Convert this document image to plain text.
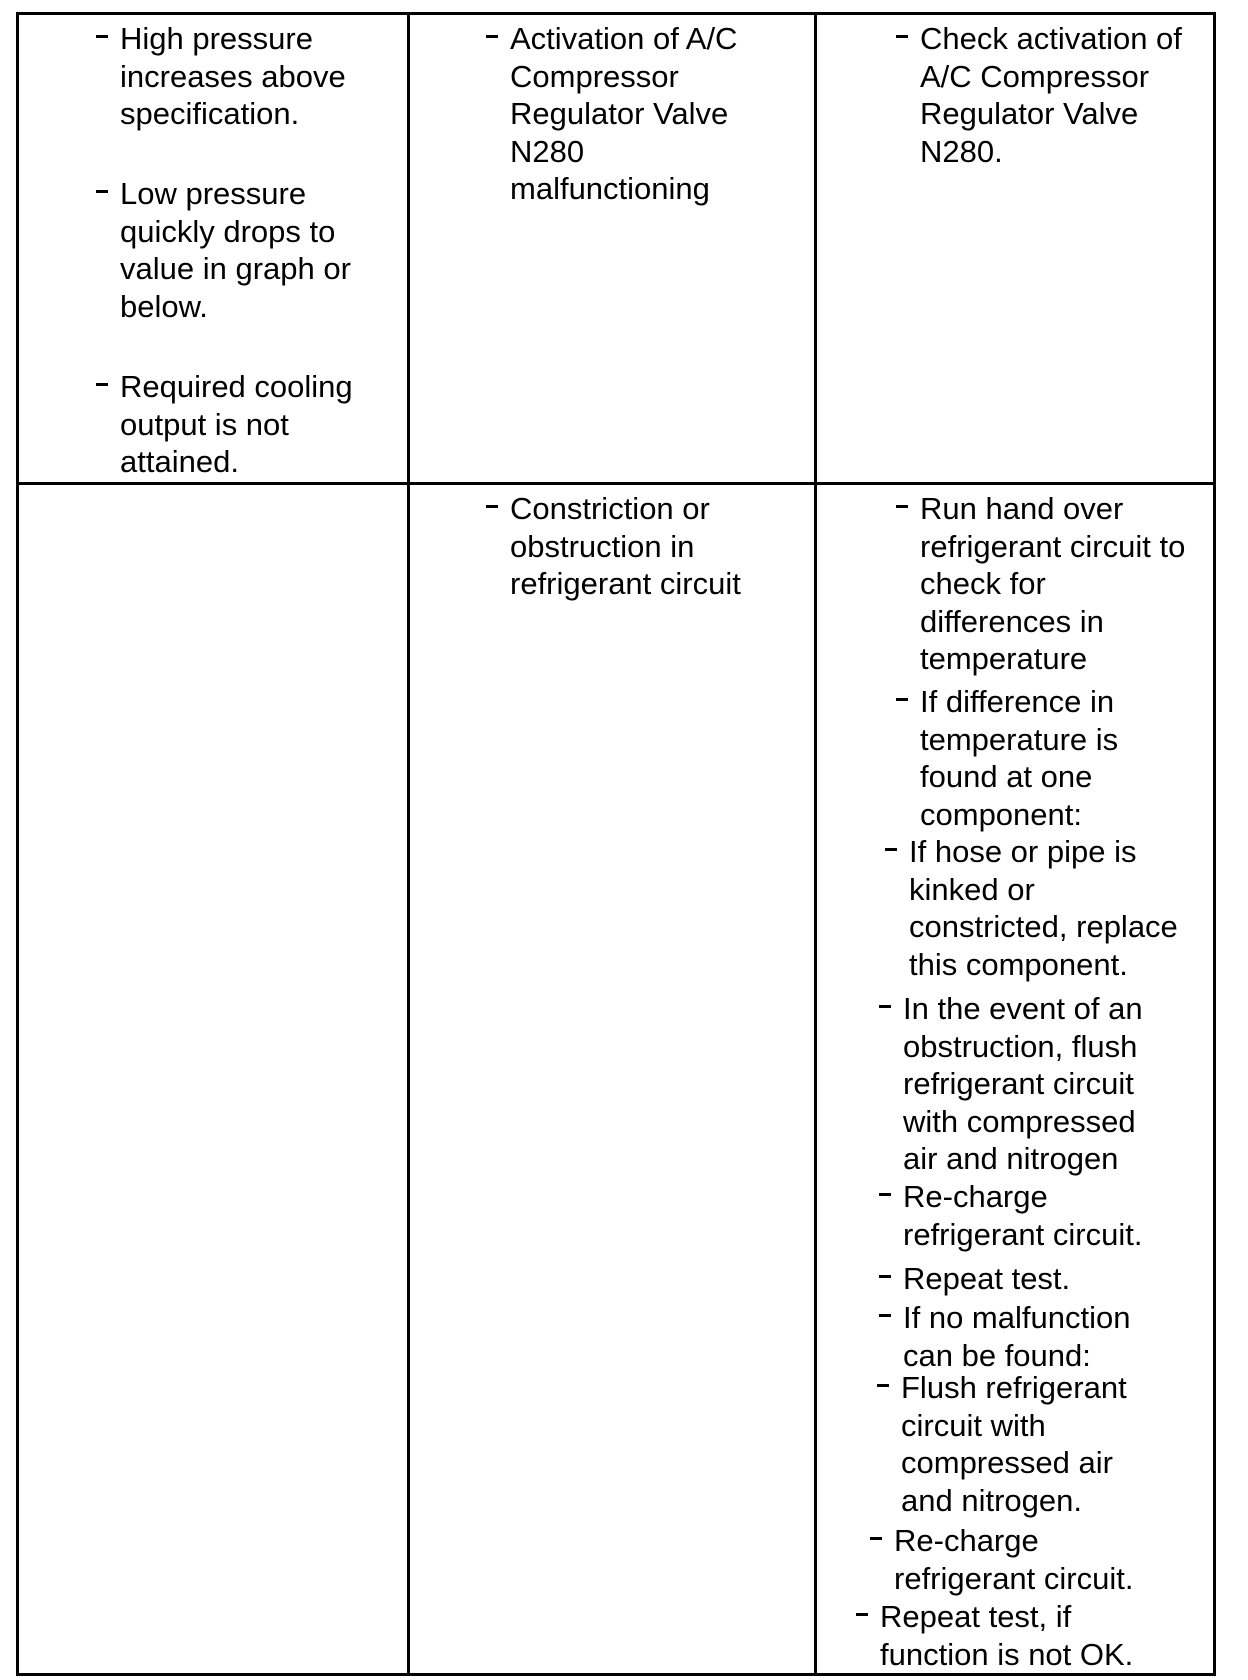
High pressure
increases above
specification.
Low pressure
quickly drops to
value in graph or
below.
Required cooling
output is not
attained.
Activation of A/C
Compressor
Regulator Valve
N280
malfunctioning
Check activation of
A/C Compressor
Regulator Valve
N280.
Constriction or
obstruction in
refrigerant circuit
Run hand over
refrigerant circuit to
check for
differences in
temperature
If difference in
temperature is
found at one
component:
If hose or pipe is
kinked or
constricted, replace
this component.
In the event of an
obstruction, flush
refrigerant circuit
with compressed
air and nitrogen
Re-charge
refrigerant circuit.
Repeat test.
If no malfunction
can be found:
Flush refrigerant
circuit with
compressed air
and nitrogen.
Re-charge
refrigerant circuit.
Repeat test, if
function is not OK.
